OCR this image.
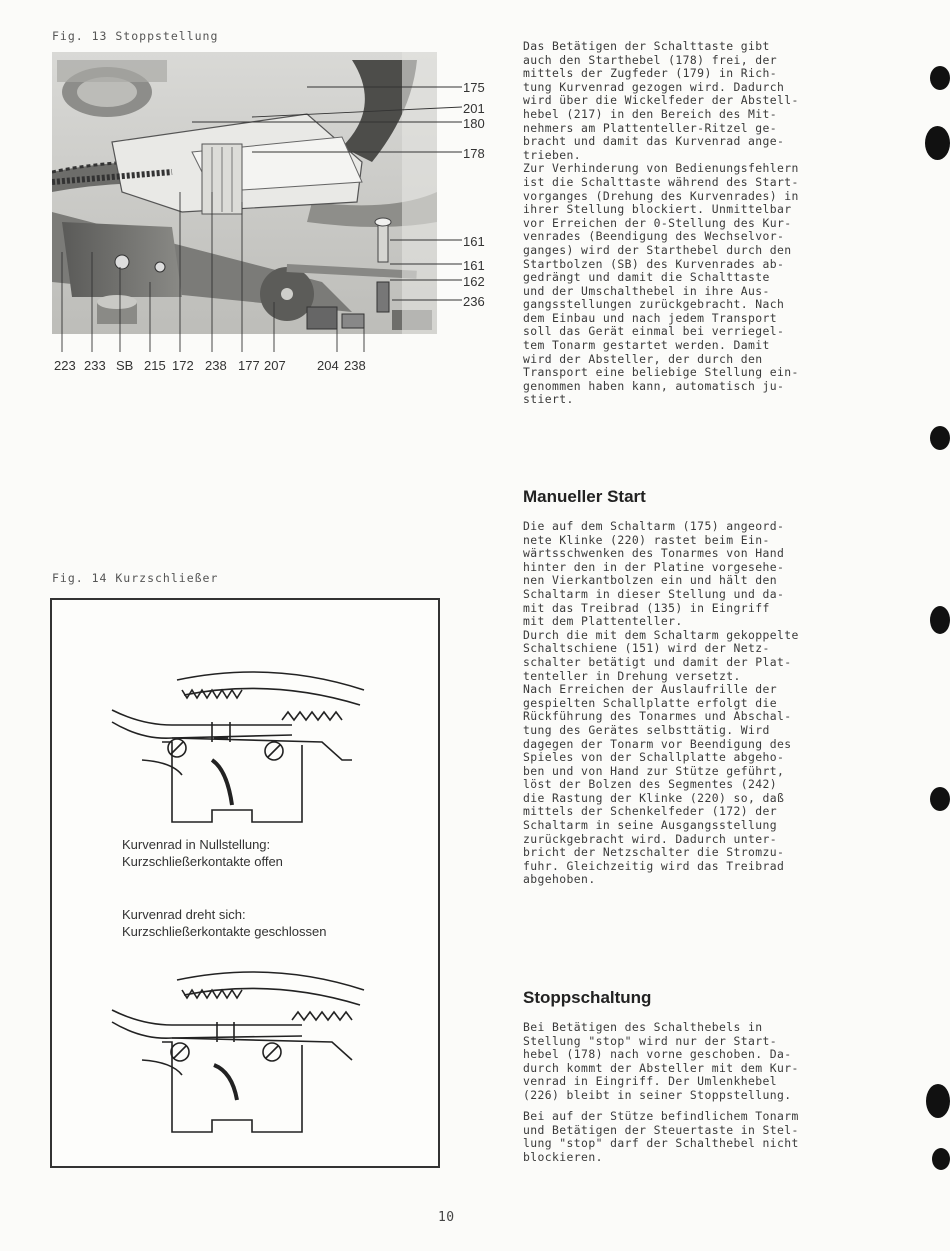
Fig. 13 Stoppstellung
175
201
180
178
161
161
162
236
223 233 SB 215 172 238 177 207 204 238
Fig. 14 Kurzschließer
Kurvenrad in Nullstellung:
Kurzschließerkontakte offen
Kurvenrad dreht sich:
Kurzschließerkontakte geschlossen

Das Betätigen der Schalttaste gibt

auch den Starthebel (178) frei, der

mittels der Zugfeder (179) in Rich-

tung Kurvenrad gezogen wird. Dadurch

wird über die Wickelfeder der Abstell-

hebel (217) in den Bereich des Mit-

nehmers am Plattenteller-Ritzel ge-

bracht und damit das Kurvenrad ange-

trieben.

Zur Verhinderung von Bedienungsfehlern

ist die Schalttaste während des Start-

vorganges (Drehung des Kurvenrades) in

ihrer Stellung blockiert. Unmittelbar

vor Erreichen der 0-Stellung des Kur-

venrades (Beendigung des Wechselvor-

ganges) wird der Starthebel durch den

Startbolzen (SB) des Kurvenrades ab-

gedrängt und damit die Schalttaste

und der Umschalthebel in ihre Aus-

gangsstellungen zurückgebracht. Nach

dem Einbau und nach jedem Transport

soll das Gerät einmal bei verriegel-

tem Tonarm gestartet werden. Damit

wird der Absteller, der durch den

Transport eine beliebige Stellung ein-

genommen haben kann, automatisch ju-

stiert.

Manueller Start

Die auf dem Schaltarm (175) angeord-

nete Klinke (220) rastet beim Ein-

wärtsschwenken des Tonarmes von Hand

hinter den in der Platine vorgesehe-

nen Vierkantbolzen ein und hält den

Schaltarm in dieser Stellung und da-

mit das Treibrad (135) in Eingriff

mit dem Plattenteller.

Durch die mit dem Schaltarm gekoppelte

Schaltschiene (151) wird der Netz-

schalter betätigt und damit der Plat-

tenteller in Drehung versetzt.

Nach Erreichen der Auslaufrille der

gespielten Schallplatte erfolgt die

Rückführung des Tonarmes und Abschal-

tung des Gerätes selbsttätig. Wird

dagegen der Tonarm vor Beendigung des

Spieles von der Schallplatte abgeho-

ben und von Hand zur Stütze geführt,

löst der Bolzen des Segmentes (242)

die Rastung der Klinke (220) so, daß

mittels der Schenkelfeder (172) der

Schaltarm in seine Ausgangsstellung

zurückgebracht wird. Dadurch unter-

bricht der Netzschalter die Stromzu-

fuhr. Gleichzeitig wird das Treibrad

abgehoben.

Stoppschaltung

Bei Betätigen des Schalthebels in

Stellung "stop" wird nur der Start-

hebel (178) nach vorne geschoben. Da-

durch kommt der Absteller mit dem Kur-

venrad in Eingriff. Der Umlenkhebel

(226) bleibt in seiner Stoppstellung.

Bei auf der Stütze befindlichem Tonarm

und Betätigen der Steuertaste in Stel-

lung "stop" darf der Schalthebel nicht

blockieren.

10
